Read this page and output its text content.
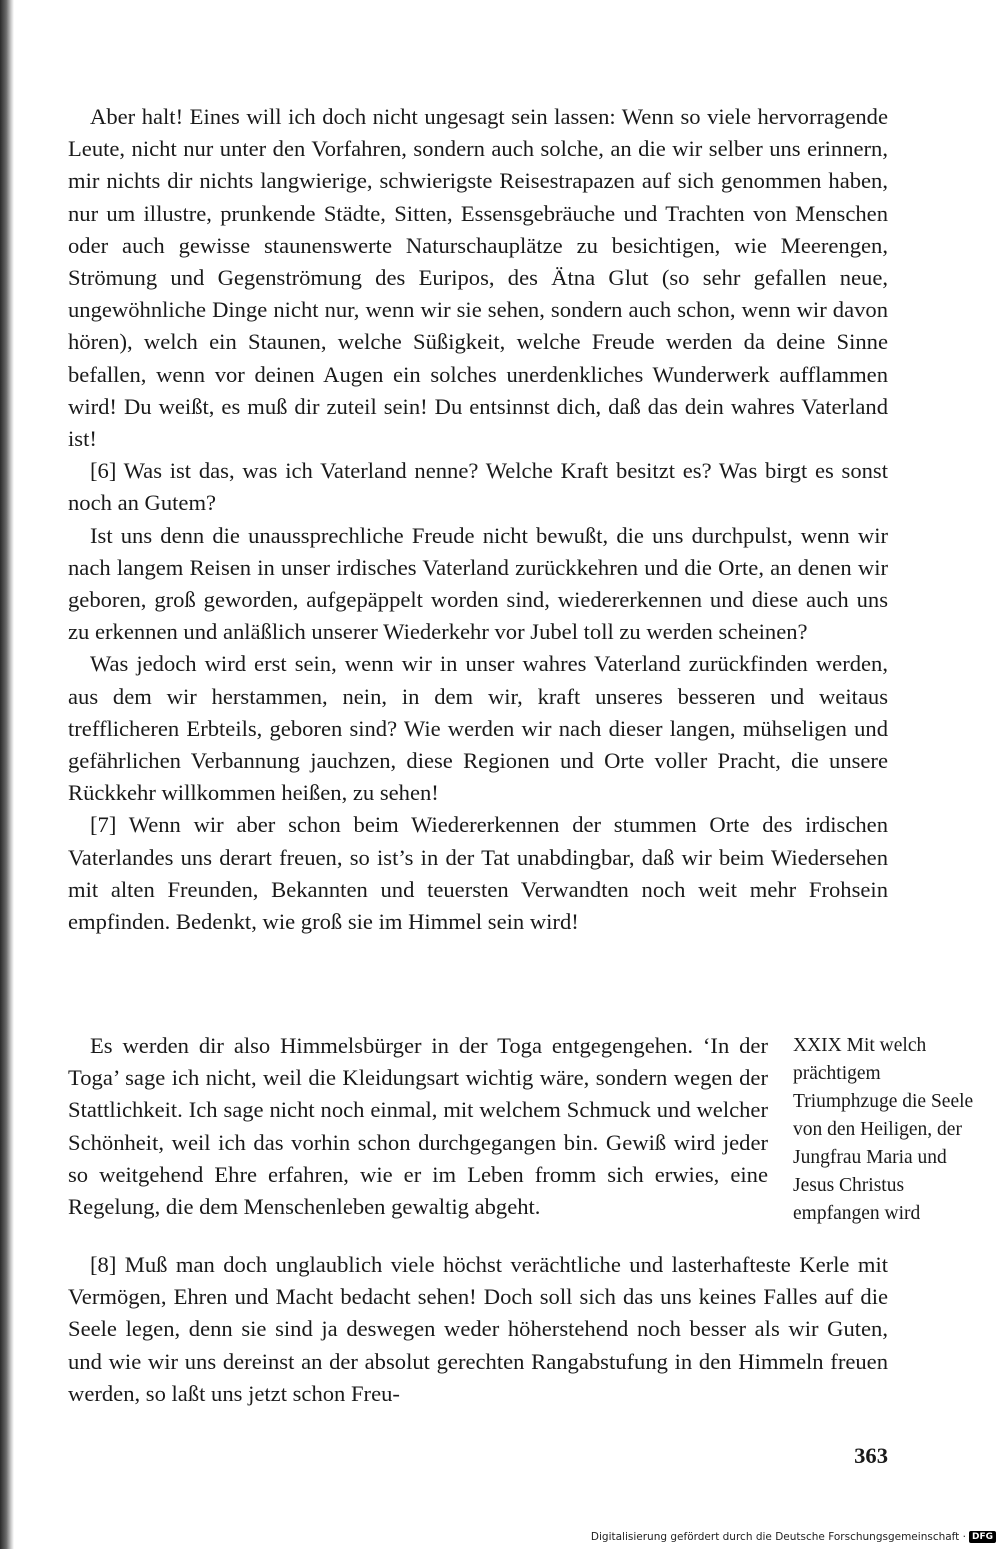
Aber halt! Eines will ich doch nicht ungesagt sein lassen: Wenn so viele hervorragende Leute, nicht nur unter den Vorfahren, sondern auch solche, an die wir selber uns erinnern, mir nichts dir nichts langwierige, schwierigste Reisestrapazen auf sich genommen haben, nur um illustre, prunkende Städte, Sitten, Essensgebräuche und Trachten von Menschen oder auch gewisse staunenswerte Naturschauplätze zu besichtigen, wie Meerengen, Strömung und Gegenströmung des Euripos, des Ätna Glut (so sehr gefallen neue, ungewöhnliche Dinge nicht nur, wenn wir sie sehen, sondern auch schon, wenn wir davon hören), welch ein Staunen, welche Süßigkeit, welche Freude werden da deine Sinne befallen, wenn vor deinen Augen ein solches unerdenkliches Wunderwerk aufflammen wird! Du weißt, es muß dir zuteil sein! Du entsinnst dich, daß das dein wahres Vaterland ist!

[6] Was ist das, was ich Vaterland nenne? Welche Kraft besitzt es? Was birgt es sonst noch an Gutem?

Ist uns denn die unaussprechliche Freude nicht bewußt, die uns durchpulst, wenn wir nach langem Reisen in unser irdisches Vaterland zurückkehren und die Orte, an denen wir geboren, groß geworden, aufgepäppelt worden sind, wiedererkennen und diese auch uns zu erkennen und anläßlich unserer Wiederkehr vor Jubel toll zu werden scheinen?

Was jedoch wird erst sein, wenn wir in unser wahres Vaterland zurückfinden werden, aus dem wir herstammen, nein, in dem wir, kraft unseres besseren und weitaus trefflicheren Erbteils, geboren sind? Wie werden wir nach dieser langen, mühseligen und gefährlichen Verbannung jauchzen, diese Regionen und Orte voller Pracht, die unsere Rückkehr willkommen heißen, zu sehen!

[7] Wenn wir aber schon beim Wiedererkennen der stummen Orte des irdischen Vaterlandes uns derart freuen, so ist’s in der Tat unabdingbar, daß wir beim Wiedersehen mit alten Freunden, Bekannten und teuersten Verwandten noch weit mehr Frohsein empfinden. Bedenkt, wie groß sie im Himmel sein wird!

Es werden dir also Himmelsbürger in der Toga entgegengehen. ‘In der Toga’ sage ich nicht, weil die Kleidungsart wichtig wäre, sondern wegen der Stattlichkeit. Ich sage nicht noch einmal, mit welchem Schmuck und welcher Schönheit, weil ich das vorhin schon durchgegangen bin. Gewiß wird jeder so weitgehend Ehre erfahren, wie er im Leben fromm sich erwies, eine Regelung, die dem Menschenleben gewaltig abgeht.

XXIX Mit welch prächtigem Triumphzuge die Seele von den Heiligen, der Jungfrau Maria und Jesus Christus empfangen wird

[8] Muß man doch unglaublich viele höchst verächtliche und lasterhafteste Kerle mit Vermögen, Ehren und Macht bedacht sehen! Doch soll sich das uns keines Falles auf die Seele legen, denn sie sind ja deswegen weder höherstehend noch besser als wir Guten, und wie wir uns dereinst an der absolut gerechten Rangabstufung in den Himmeln freuen werden, so laßt uns jetzt schon Freu-

363

Digitalisierung gefördert durch die Deutsche Forschungsgemeinschaft · DFG
